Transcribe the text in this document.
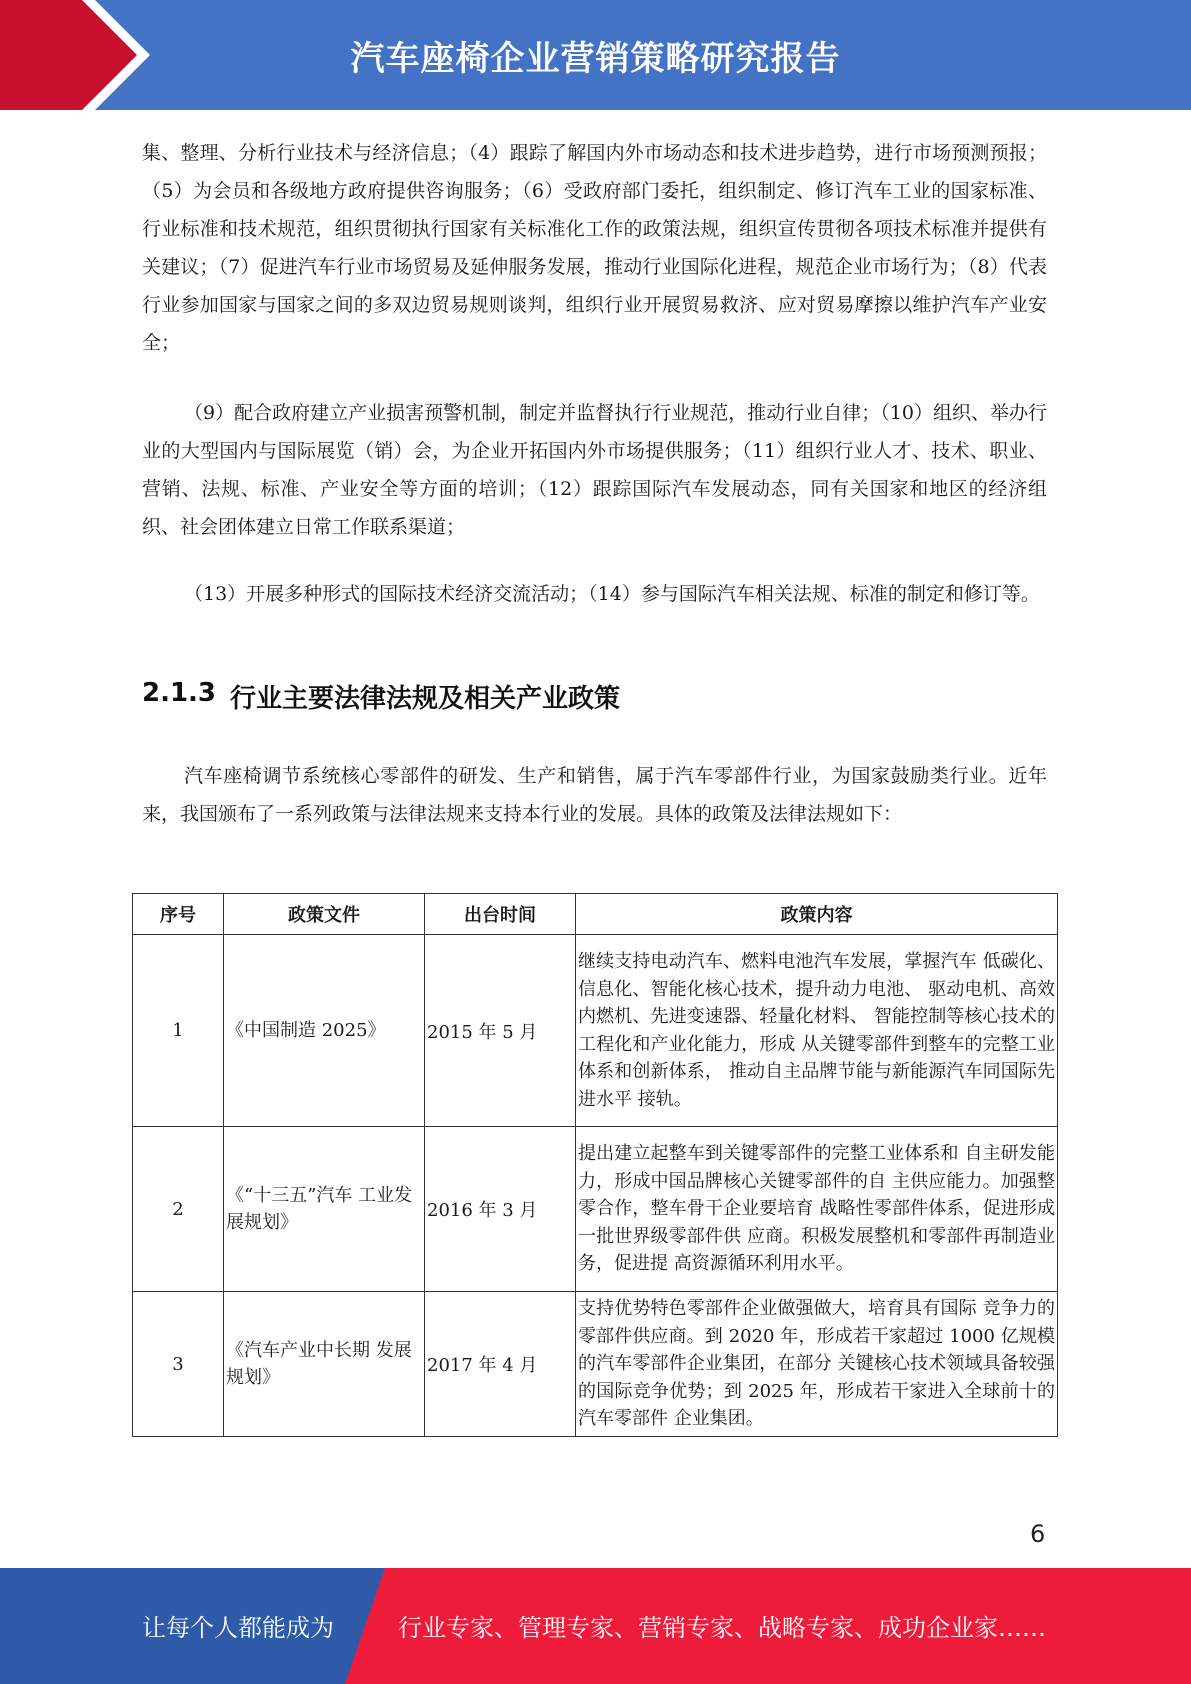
汽车座椅企业营销策略研究报告

集、整理、分析行业技术与经济信息；（4）跟踪了解国内外市场动态和技术进步趋势，进行市场预测预报；（5）为会员和各级地方政府提供咨询服务；（6）受政府部门委托，组织制定、修订汽车工业的国家标准、行业标准和技术规范，组织贯彻执行国家有关标准化工作的政策法规，组织宣传贯彻各项技术标准并提供有关建议；（7）促进汽车行业市场贸易及延伸服务发展，推动行业国际化进程，规范企业市场行为；（8）代表行业参加国家与国家之间的多双边贸易规则谈判，组织行业开展贸易救济、应对贸易摩擦以维护汽车产业安全；

（9）配合政府建立产业损害预警机制，制定并监督执行行业规范，推动行业自律；（10）组织、举办行业的大型国内与国际展览（销）会，为企业开拓国内外市场提供服务；（11）组织行业人才、技术、职业、营销、法规、标准、产业安全等方面的培训；（12）跟踪国际汽车发展动态，同有关国家和地区的经济组织、社会团体建立日常工作联系渠道；

（13）开展多种形式的国际技术经济交流活动；（14）参与国际汽车相关法规、标准的制定和修订等。

2.1.3 行业主要法律法规及相关产业政策

汽车座椅调节系统核心零部件的研发、生产和销售，属于汽车零部件行业，为国家鼓励类行业。近年来，我国颁布了一系列政策与法律法规来支持本行业的发展。具体的政策及法律法规如下：

序号	政策文件	出台时间	政策内容
1	《中国制造 2025》	2015 年 5 月	继续支持电动汽车、燃料电池汽车发展，掌握汽车 低碳化、信息化、智能化核心技术，提升动力电池、 驱动电机、高效内燃机、先进变速器、轻量化材料、 智能控制等核心技术的工程化和产业化能力，形成 从关键零部件到整车的完整工业体系和创新体系， 推动自主品牌节能与新能源汽车同国际先进水平 接轨。
2	《“十三五”汽车 工业发展规划》	2016 年 3 月	提出建立起整车到关键零部件的完整工业体系和 自主研发能力，形成中国品牌核心关键零部件的自 主供应能力。加强整零合作，整车骨干企业要培育 战略性零部件体系，促进形成一批世界级零部件供 应商。积极发展整机和零部件再制造业务，促进提 高资源循环利用水平。
3	《汽车产业中长期 发展规划》	2017 年 4 月	支持优势特色零部件企业做强做大，培育具有国际 竞争力的零部件供应商。到 2020 年，形成若干家超过 1000 亿规模的汽车零部件企业集团，在部分 关键核心技术领域具备较强的国际竞争优势；到 2025 年，形成若干家进入全球前十的汽车零部件 企业集团。
6
让每个人都能成为	行业专家、管理专家、营销专家、战略专家、成功企业家……
